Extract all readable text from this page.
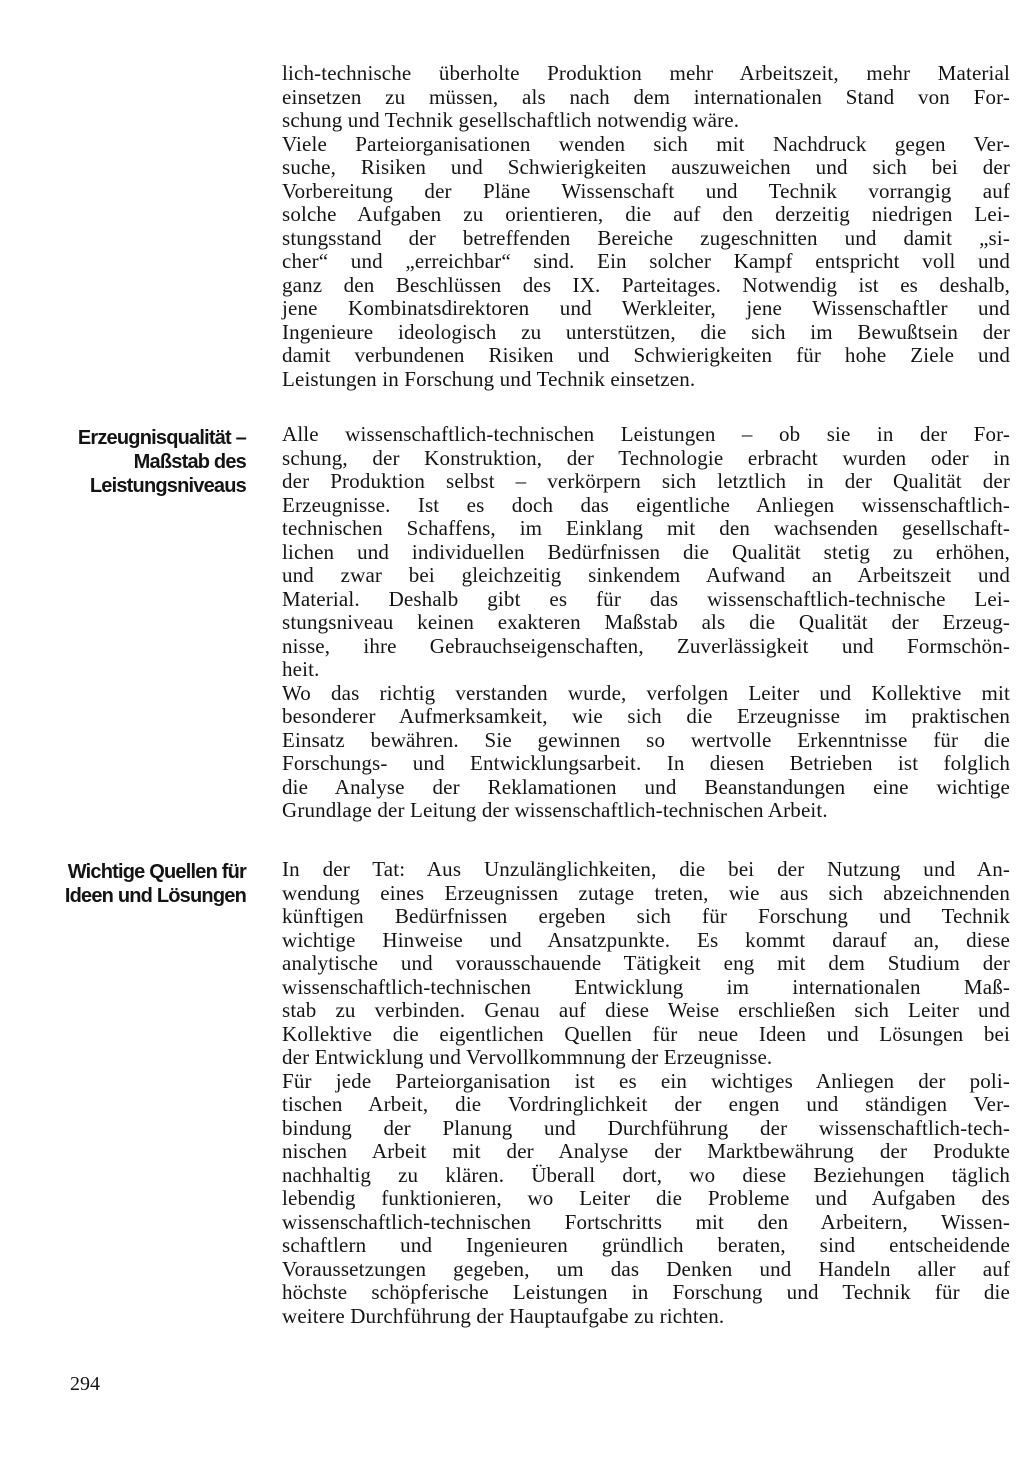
lich-technische überholte Produktion mehr Arbeitszeit, mehr Material
einsetzen zu müssen, als nach dem internationalen Stand von For-
schung und Technik gesellschaftlich notwendig wäre.

Viele Parteiorganisationen wenden sich mit Nachdruck gegen Ver-
suche, Risiken und Schwierigkeiten auszuweichen und sich bei der
Vorbereitung der Pläne Wissenschaft und Technik vorrangig auf
solche Aufgaben zu orientieren, die auf den derzeitig niedrigen Lei-
stungsstand der betreffenden Bereiche zugeschnitten und damit „si-
cher“ und „erreichbar“ sind. Ein solcher Kampf entspricht voll und
ganz den Beschlüssen des IX. Parteitages. Notwendig ist es deshalb,
jene Kombinatsdirektoren und Werkleiter, jene Wissenschaftler und
Ingenieure ideologisch zu unterstützen, die sich im Bewußtsein der
damit verbundenen Risiken und Schwierigkeiten für hohe Ziele und
Leistungen in Forschung und Technik einsetzen.

Erzeugnisqualität –
Maßstab des
Leistungsniveaus

Alle wissenschaftlich-technischen Leistungen – ob sie in der For-
schung, der Konstruktion, der Technologie erbracht wurden oder in
der Produktion selbst – verkörpern sich letztlich in der Qualität der
Erzeugnisse. Ist es doch das eigentliche Anliegen wissenschaftlich-
technischen Schaffens, im Einklang mit den wachsenden gesellschaft-
lichen und individuellen Bedürfnissen die Qualität stetig zu erhöhen,
und zwar bei gleichzeitig sinkendem Aufwand an Arbeitszeit und
Material. Deshalb gibt es für das wissenschaftlich-technische Lei-
stungsniveau keinen exakteren Maßstab als die Qualität der Erzeug-
nisse, ihre Gebrauchseigenschaften, Zuverlässigkeit und Formschön-
heit.

Wo das richtig verstanden wurde, verfolgen Leiter und Kollektive mit
besonderer Aufmerksamkeit, wie sich die Erzeugnisse im praktischen
Einsatz bewähren. Sie gewinnen so wertvolle Erkenntnisse für die
Forschungs- und Entwicklungsarbeit. In diesen Betrieben ist folglich
die Analyse der Reklamationen und Beanstandungen eine wichtige
Grundlage der Leitung der wissenschaftlich-technischen Arbeit.

Wichtige Quellen für
Ideen und Lösungen

In der Tat: Aus Unzulänglichkeiten, die bei der Nutzung und An-
wendung eines Erzeugnissen zutage treten, wie aus sich abzeichnenden
künftigen Bedürfnissen ergeben sich für Forschung und Technik
wichtige Hinweise und Ansatzpunkte. Es kommt darauf an, diese
analytische und vorausschauende Tätigkeit eng mit dem Studium der
wissenschaftlich-technischen Entwicklung im internationalen Maß-
stab zu verbinden. Genau auf diese Weise erschließen sich Leiter und
Kollektive die eigentlichen Quellen für neue Ideen und Lösungen bei
der Entwicklung und Vervollkommnung der Erzeugnisse.

Für jede Parteiorganisation ist es ein wichtiges Anliegen der poli-
tischen Arbeit, die Vordringlichkeit der engen und ständigen Ver-
bindung der Planung und Durchführung der wissenschaftlich-tech-
nischen Arbeit mit der Analyse der Marktbewährung der Produkte
nachhaltig zu klären. Überall dort, wo diese Beziehungen täglich
lebendig funktionieren, wo Leiter die Probleme und Aufgaben des
wissenschaftlich-technischen Fortschritts mit den Arbeitern, Wissen-
schaftlern und Ingenieuren gründlich beraten, sind entscheidende
Voraussetzungen gegeben, um das Denken und Handeln aller auf
höchste schöpferische Leistungen in Forschung und Technik für die
weitere Durchführung der Hauptaufgabe zu richten.

294
